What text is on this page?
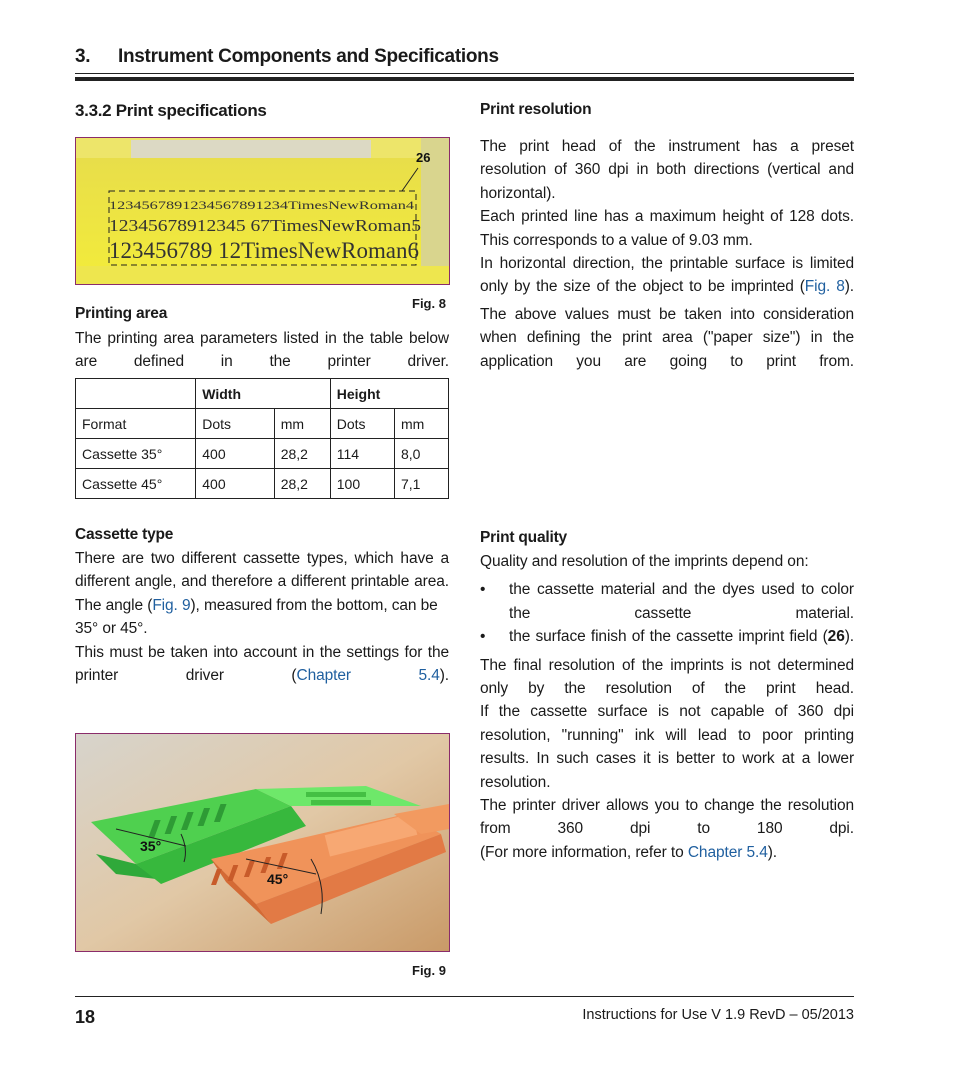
3. Instrument Components and Specifications
3.3.2 Print specifications
26
1234567891234567891234TimesNewRoman4
12345678912345 67TimesNewRoman5
123456789 12TimesNewRoman6
Fig. 8
Printing area
The printing area parameters listed in the table below are defined in the printer driver.
	Width		Height	
Format	Dots	mm	Dots	mm
Cassette 35°	400	28,2	114	8,0
Cassette 45°	400	28,2	100	7,1
Cassette type

There are two different cassette types, which have a different angle, and therefore a different printable area.

The angle (Fig. 9), measured from the bottom, can be 35° or 45°.

This must be taken into account in the settings for the printer driver (Chapter 5.4).

35°
45°
Fig. 9
Print resolution

The print head of the instrument has a preset resolution of 360 dpi in both directions (vertical and horizontal).

Each printed line has a maximum height of 128 dots.

This corresponds to a value of 9.03 mm.

In horizontal direction, the printable surface is limited only by the size of the object to be imprinted (Fig. 8).

The above values must be taken into consideration when defining the print area ("paper size") in the application you are going to print from.

Print quality

Quality and resolution of the imprints depend on:

• the cassette material and the dyes used to color the cassette material.
• the surface finish of the cassette imprint field (26).

The final resolution of the imprints is not determined only by the resolution of the print head.

If the cassette surface is not capable of 360 dpi resolution, "running" ink will lead to poor printing results. In such cases it is better to work at a lower resolution.

The printer driver allows you to change the resolution from 360 dpi to 180 dpi.

(For more information, refer to Chapter 5.4).

18	Instructions for Use V 1.9 RevD – 05/2013
